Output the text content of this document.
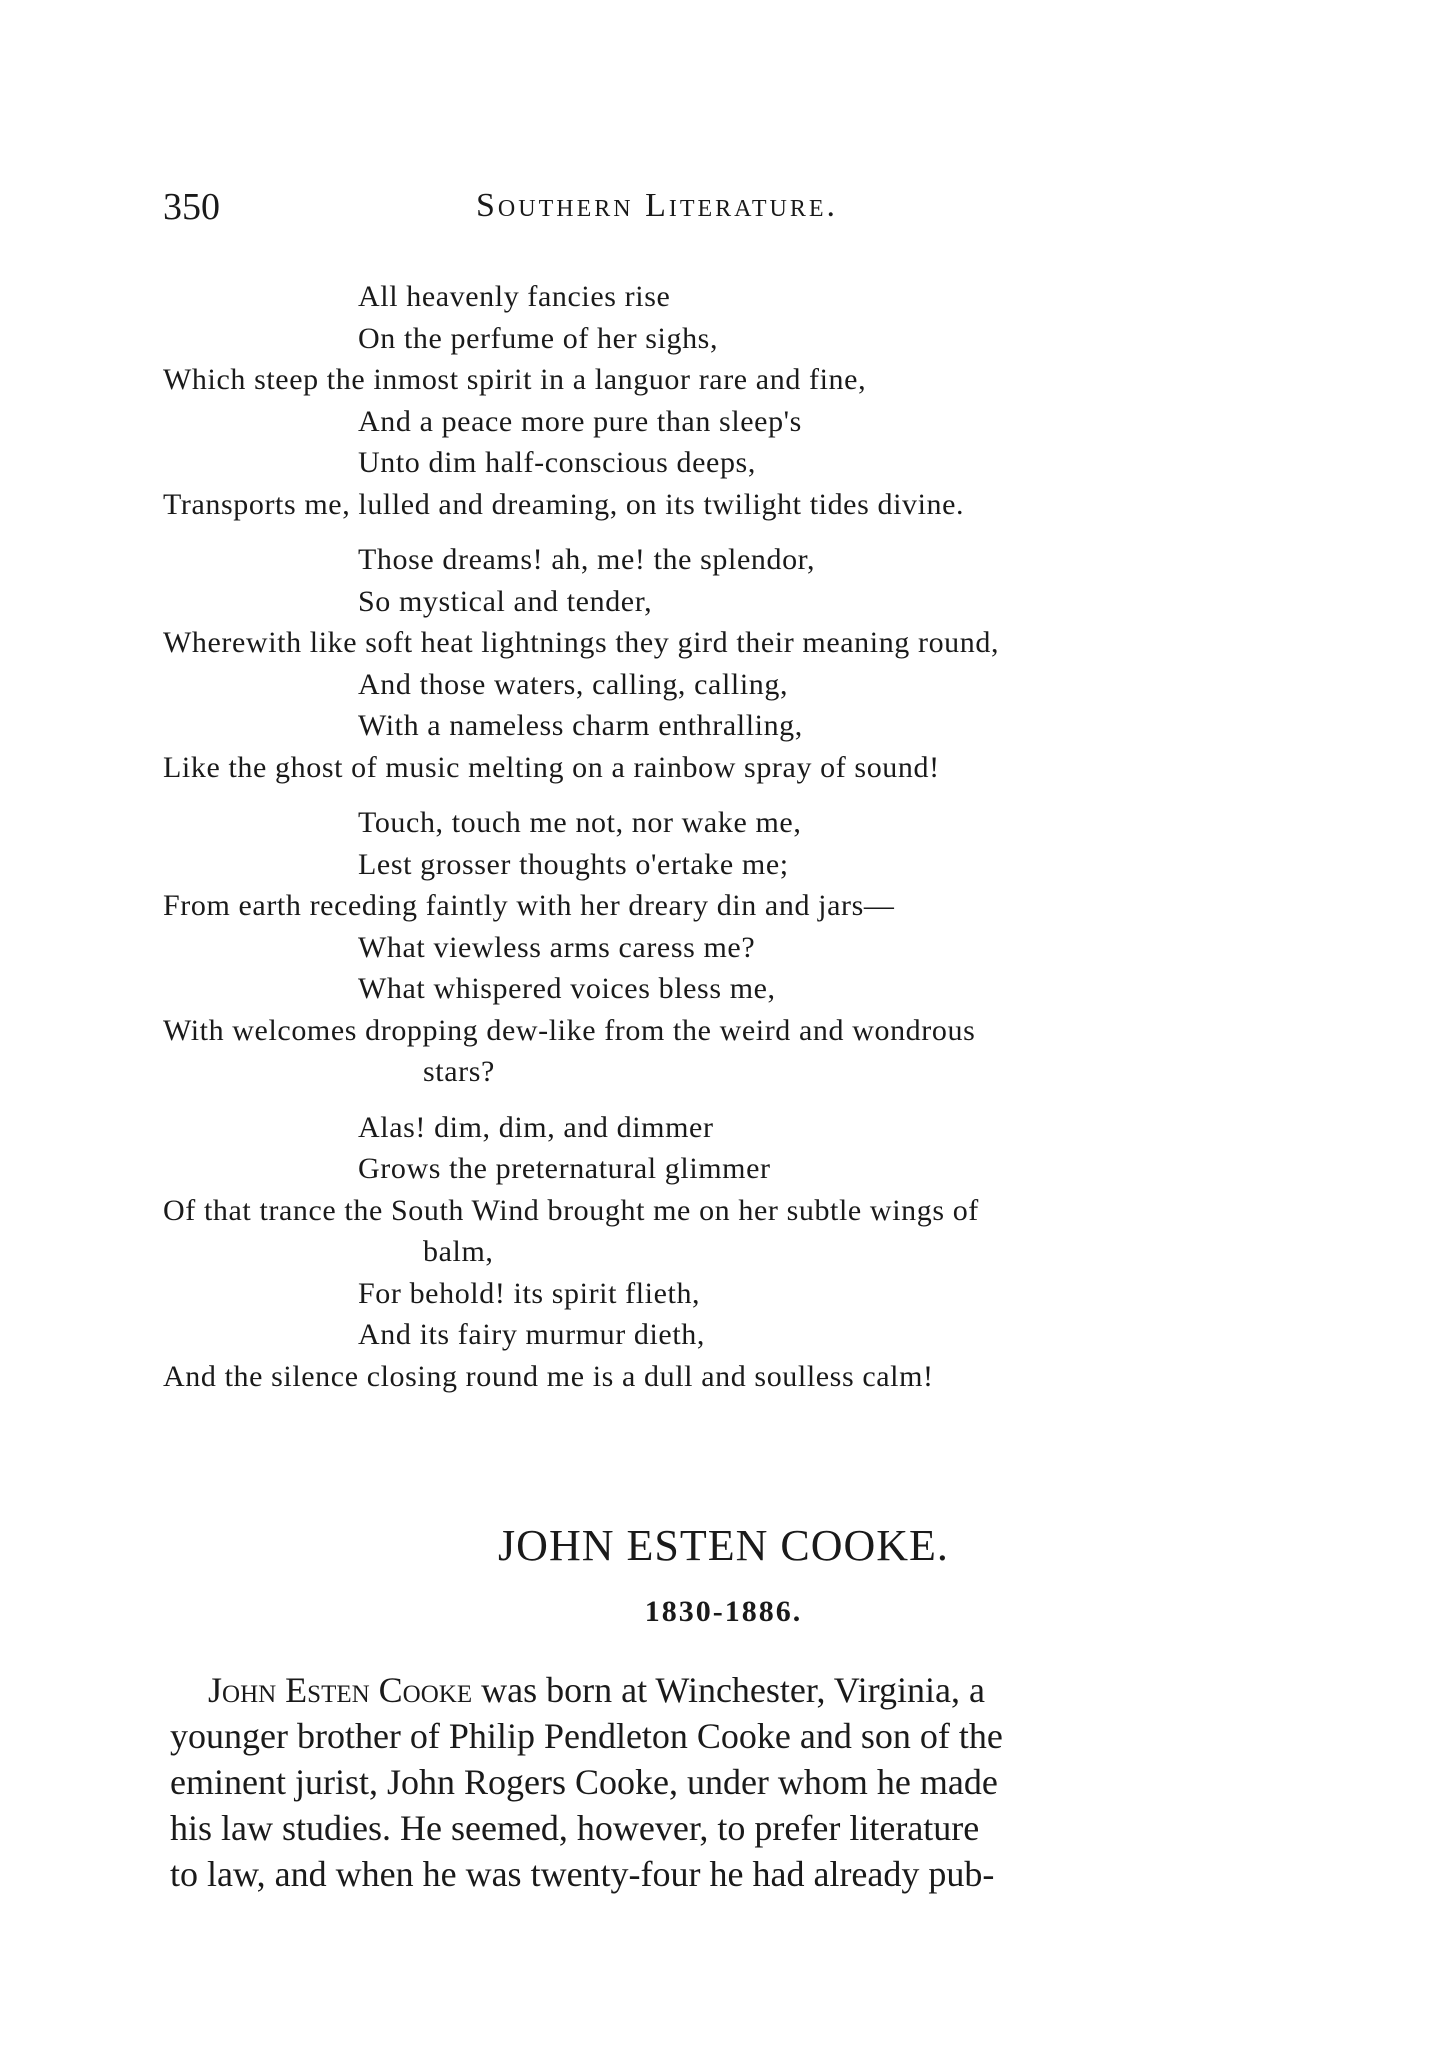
350	Southern Literature.
All heavenly fancies rise
On the perfume of her sighs,
Which steep the inmost spirit in a languor rare and fine,
And a peace more pure than sleep's
Unto dim half-conscious deeps,
Transports me, lulled and dreaming, on its twilight tides divine.
Those dreams! ah, me! the splendor,
So mystical and tender,
Wherewith like soft heat lightnings they gird their meaning round,
And those waters, calling, calling,
With a nameless charm enthralling,
Like the ghost of music melting on a rainbow spray of sound!
Touch, touch me not, nor wake me,
Lest grosser thoughts o'ertake me;
From earth receding faintly with her dreary din and jars—
What viewless arms caress me?
What whispered voices bless me,
With welcomes dropping dew-like from the weird and wondrous
stars?
Alas! dim, dim, and dimmer
Grows the preternatural glimmer
Of that trance the South Wind brought me on her subtle wings of
balm,
For behold! its spirit flieth,
And its fairy murmur dieth,
And the silence closing round me is a dull and soulless calm!
JOHN ESTEN COOKE.
1830-1886.
John Esten Cooke was born at Winchester, Virginia, a
younger brother of Philip Pendleton Cooke and son of the
eminent jurist, John Rogers Cooke, under whom he made
his law studies. He seemed, however, to prefer literature
to law, and when he was twenty-four he had already pub-
